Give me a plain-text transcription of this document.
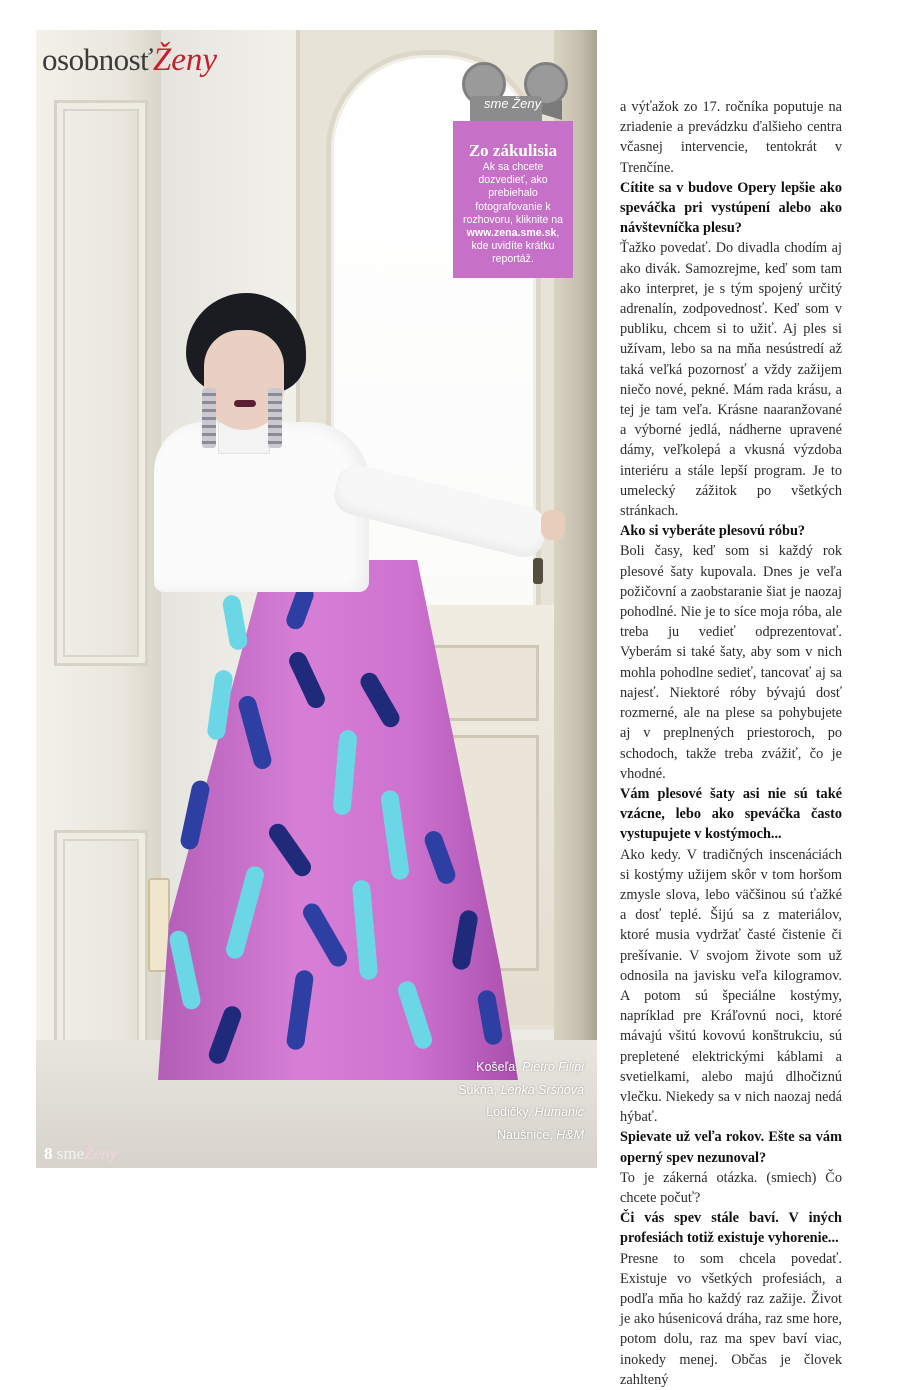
osobnosťŽeny
sme Ženy
Zo zákulisia
Ak sa chcete dozvedieť, ako prebiehalo fotografovanie k rozhovoru, kliknite na www.zena.sme.sk, kde uvidíte krátku reportáž.
Košeľa, Pietro Filipi
Sukňa, Lenka Sršňová
Lodičky, Humanic
Náušnice, H&M
8 smeŽeny

a výťažok zo 17. ročníka poputuje na zriadenie a prevádzku ďalšieho centra včasnej intervencie, tentokrát v Trenčíne.

Cítite sa v budove Opery lepšie ako speváčka pri vystúpení alebo ako návštevníčka plesu?

Ťažko povedať. Do divadla chodím aj ako divák. Samozrejme, keď som tam ako interpret, je s tým spojený určitý adrenalín, zodpovednosť. Keď som v publiku, chcem si to užiť. Aj ples si užívam, lebo sa na mňa nesústredí až taká veľká pozornosť a vždy zažijem niečo nové, pekné. Mám rada krásu, a tej je tam veľa. Krásne naaranžované a výborné jedlá, nádherne upravené dámy, veľkolepá a vkusná výzdoba interiéru a stále lepší program. Je to umelecký zážitok po všetkých stránkach.

Ako si vyberáte plesovú róbu?

Boli časy, keď som si každý rok plesové šaty kupovala. Dnes je veľa požičovní a zaobstaranie šiat je naozaj pohodlné. Nie je to síce moja róba, ale treba ju vedieť odprezentovať. Vyberám si také šaty, aby som v nich mohla pohodlne sedieť, tancovať aj sa najesť. Niektoré róby bývajú dosť rozmerné, ale na plese sa pohybujete aj v preplnených priestoroch, po schodoch, takže treba zvážiť, čo je vhodné.

Vám plesové šaty asi nie sú také vzácne, lebo ako speváčka často vystupujete v kostýmoch...

Ako kedy. V tradičných inscenáciách si kostýmy užijem skôr v tom horšom zmysle slova, lebo väčšinou sú ťažké a dosť teplé. Šijú sa z materiálov, ktoré musia vydržať časté čistenie či prešívanie. V svojom živote som už odnosila na javisku veľa kilogramov. A potom sú špeciálne kostýmy, napríklad pre Kráľovnú noci, ktoré mávajú všitú kovovú konštrukciu, sú prepletené elektrickými káblami a svetielkami, alebo majú dlhočiznú vlečku. Niekedy sa v nich naozaj nedá hýbať.

Spievate už veľa rokov. Ešte sa vám operný spev nezunoval?

To je zákerná otázka. (smiech) Čo chcete počuť?

Či vás spev stále baví. V iných profesiách totiž existuje vyhorenie...

Presne to som chcela povedať. Existuje vo všetkých profesiách, a podľa mňa ho každý raz zažije. Život je ako húsenicová dráha, raz sme hore, potom dolu, raz ma spev baví viac, inokedy menej. Občas je človek zahltený
